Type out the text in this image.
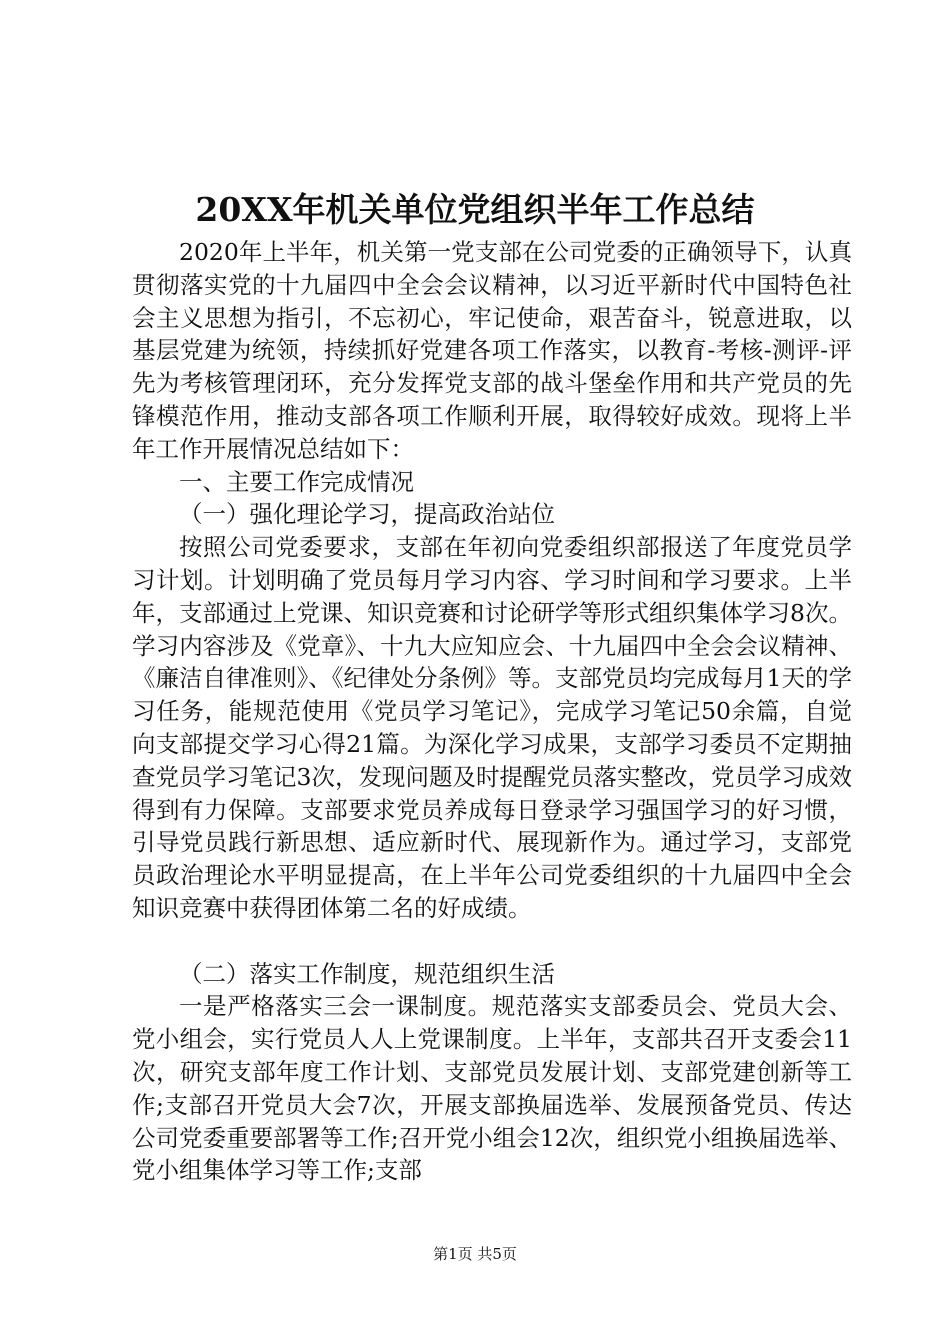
20XX年机关单位党组织半年工作总结

2020年上半年，机关第一党支部在公司党委的正确领导下，认真贯彻落实党的十九届四中全会会议精神，以习近平新时代中国特色社会主义思想为指引，不忘初心，牢记使命，艰苦奋斗，锐意进取，以基层党建为统领，持续抓好党建各项工作落实，以教育-考核-测评-评先为考核管理闭环，充分发挥党支部的战斗堡垒作用和共产党员的先锋模范作用，推动支部各项工作顺利开展，取得较好成效。现将上半年工作开展情况总结如下：

一、主要工作完成情况

（一）强化理论学习，提高政治站位

按照公司党委要求，支部在年初向党委组织部报送了年度党员学习计划。计划明确了党员每月学习内容、学习时间和学习要求。上半年，支部通过上党课、知识竞赛和讨论研学等形式组织集体学习8次。学习内容涉及《党章》、十九大应知应会、十九届四中全会会议精神、《廉洁自律准则》、《纪律处分条例》等。支部党员均完成每月1天的学习任务，能规范使用《党员学习笔记》，完成学习笔记50余篇，自觉向支部提交学习心得21篇。为深化学习成果，支部学习委员不定期抽查党员学习笔记3次，发现问题及时提醒党员落实整改，党员学习成效得到有力保障。支部要求党员养成每日登录学习强国学习的好习惯，引导党员践行新思想、适应新时代、展现新作为。通过学习，支部党员政治理论水平明显提高，在上半年公司党委组织的十九届四中全会知识竞赛中获得团体第二名的好成绩。

（二）落实工作制度，规范组织生活

一是严格落实三会一课制度。规范落实支部委员会、党员大会、党小组会，实行党员人人上党课制度。上半年，支部共召开支委会11次，研究支部年度工作计划、支部党员发展计划、支部党建创新等工作;支部召开党员大会7次，开展支部换届选举、发展预备党员、传达公司党委重要部署等工作;召开党小组会12次，组织党小组换届选举、党小组集体学习等工作;支部

第1页 共5页
